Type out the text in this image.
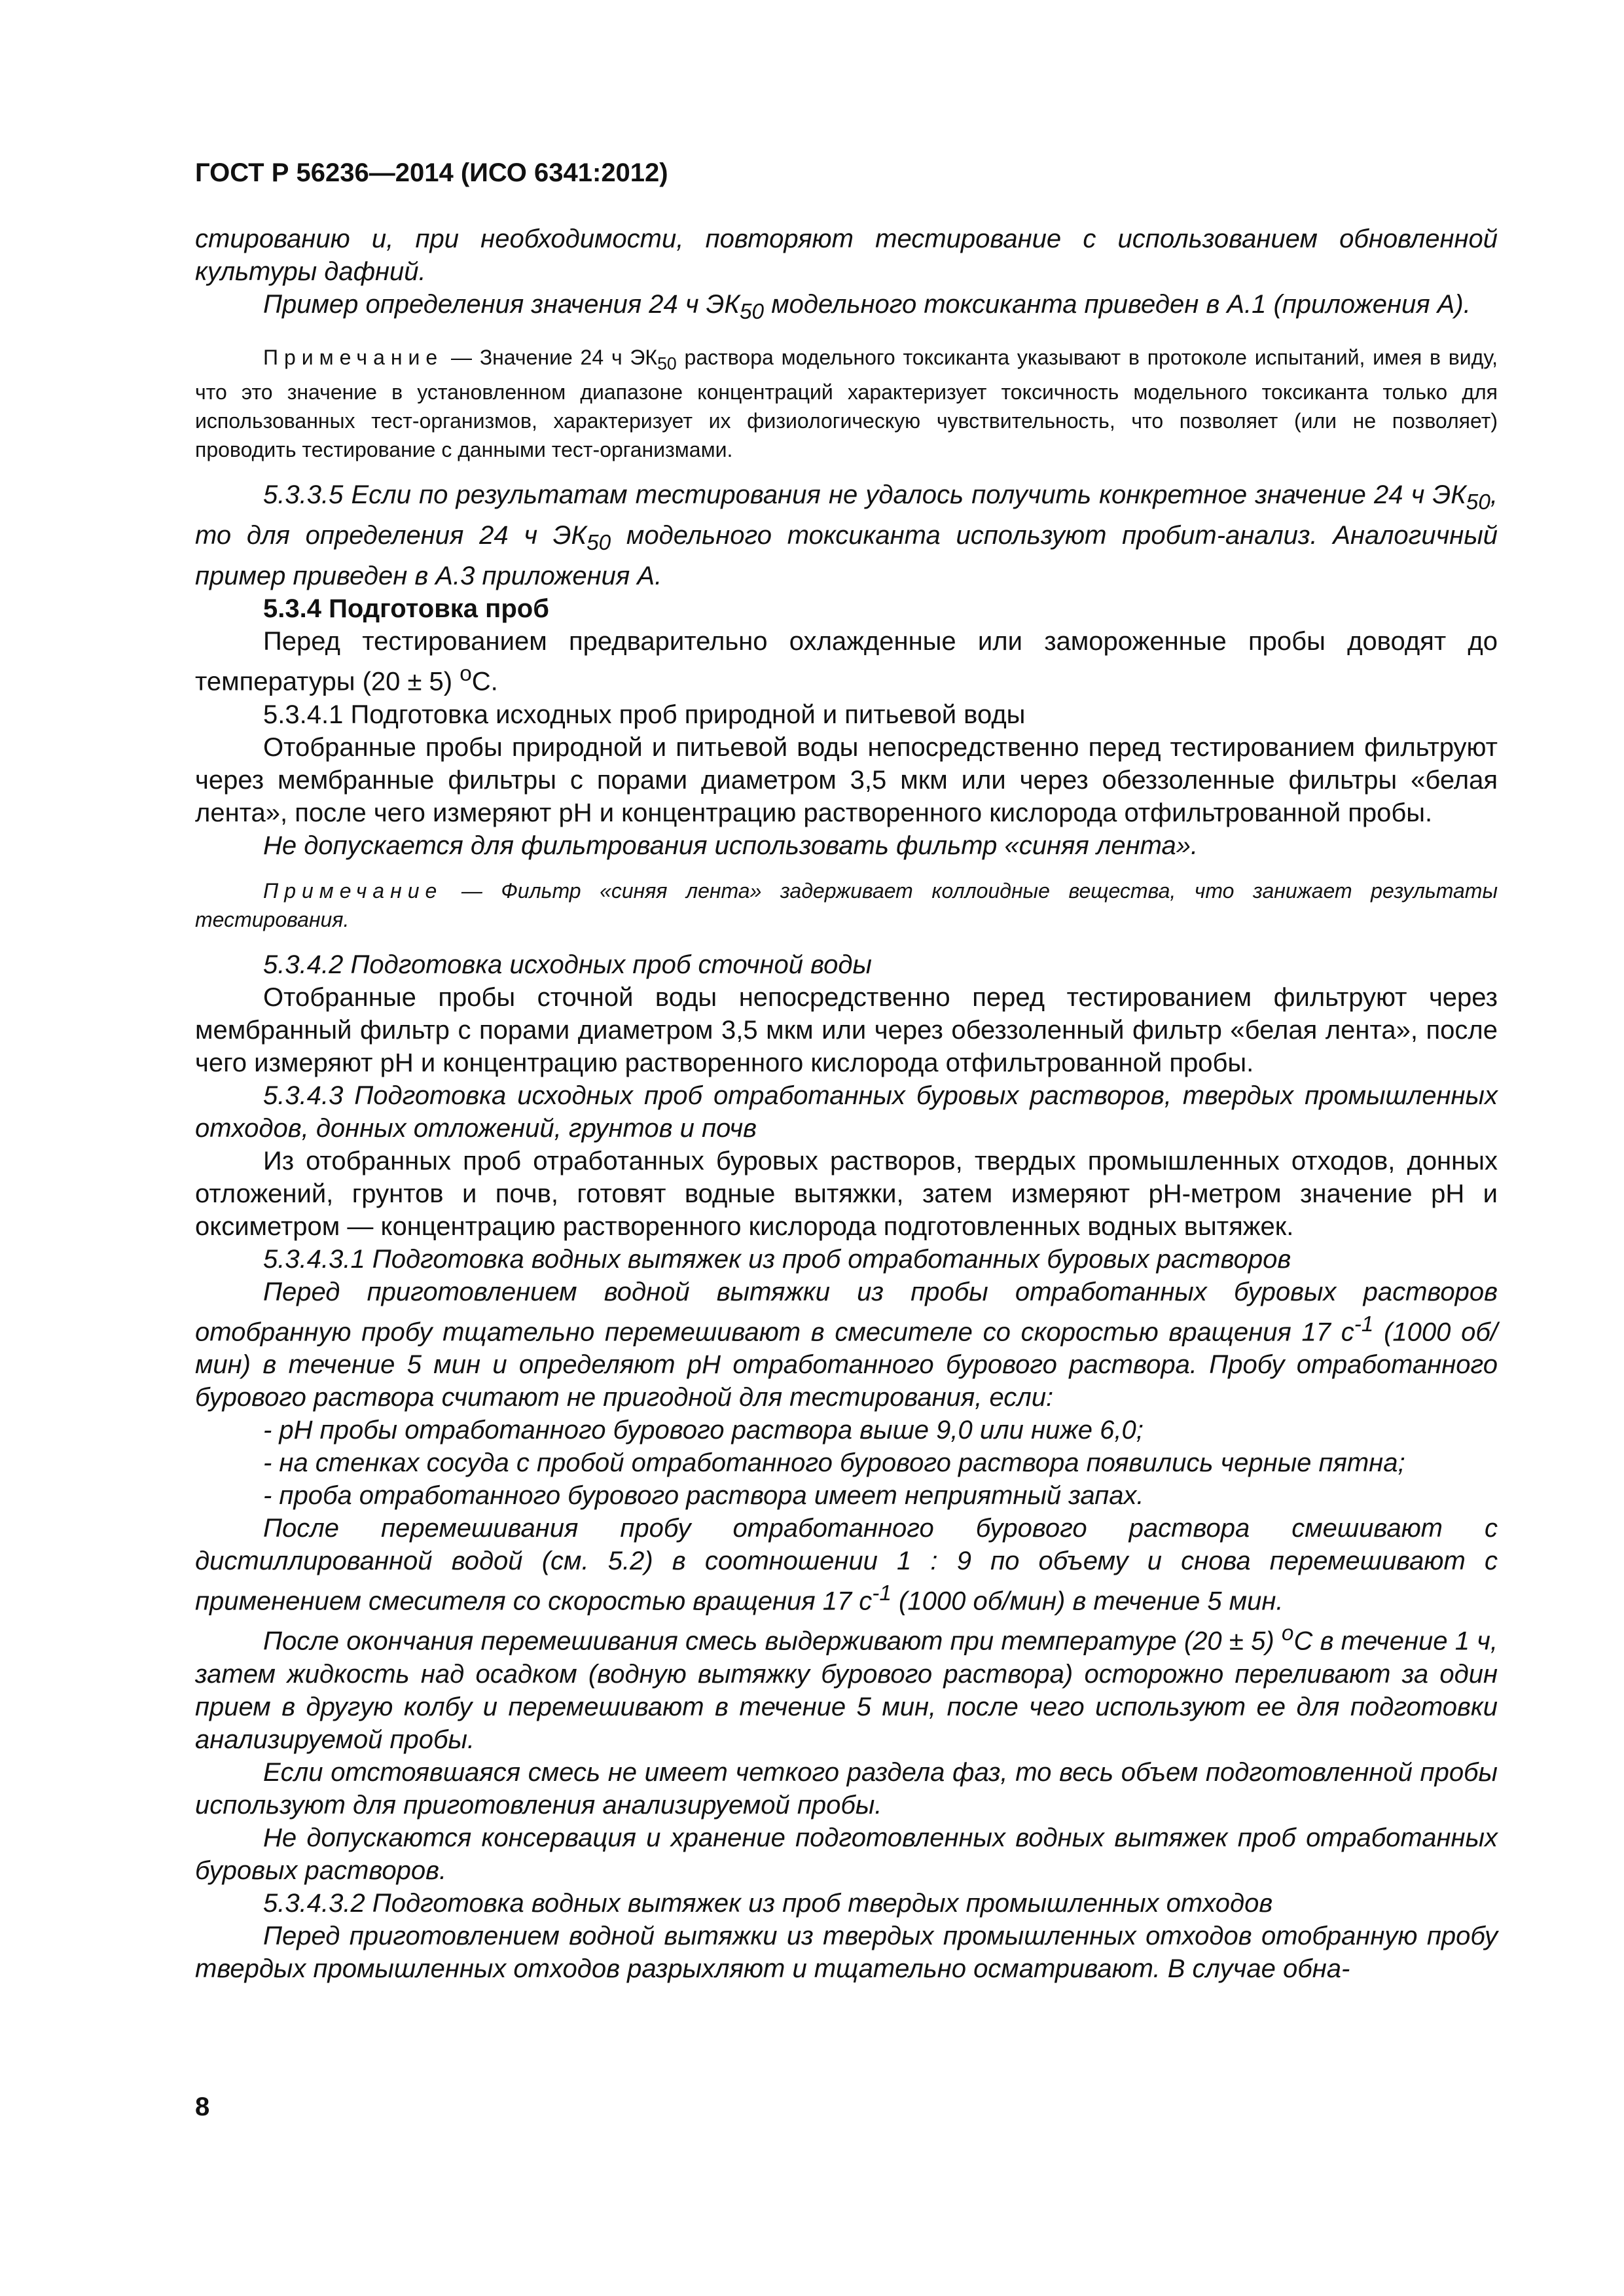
ГОСТ Р 56236—2014 (ИСО 6341:2012)

стированию и, при необходимости, повторяют тестирование с использованием обновленной культуры дафний.

Пример определения значения 24 ч $ЭК_{50}$ модельного токсиканта приведен в А.1 (приложения А).

Примечание — Значение 24 ч $ЭК_{50}$ раствора модельного токсиканта указывают в протоколе испытаний, имея в виду, что это значение в установленном диапазоне концентраций характеризует токсичность модельного токсиканта только для использованных тест-организмов, характеризует их физиологическую чувствительность, что позволяет (или не позволяет) проводить тестирование с данными тест-организмами.

5.3.3.5 Если по результатам тестирования не удалось получить конкретное значение 24 ч $ЭК_{50}$, то для определения 24 ч $ЭК_{50}$ модельного токсиканта используют пробит-анализ. Аналогичный пример приведен в А.3 приложения А.

5.3.4 Подготовка проб

Перед тестированием предварительно охлажденные или замороженные пробы доводят до температуры (20 ± 5) $^о$С.

5.3.4.1 Подготовка исходных проб природной и питьевой воды

Отобранные пробы природной и питьевой воды непосредственно перед тестированием фильтруют через мембранные фильтры с порами диаметром 3,5 мкм или через обеззоленные фильтры «белая лента», после чего измеряют рН и концентрацию растворенного кислорода отфильтрованной пробы.

Не допускается для фильтрования использовать фильтр «синяя лента».

Примечание — Фильтр «синяя лента» задерживает коллоидные вещества, что занижает результаты тестирования.

5.3.4.2 Подготовка исходных проб сточной воды

Отобранные пробы сточной воды непосредственно перед тестированием фильтруют через мембранный фильтр с порами диаметром 3,5 мкм или через обеззоленный фильтр «белая лента», после чего измеряют рН и концентрацию растворенного кислорода отфильтрованной пробы.

5.3.4.3 Подготовка исходных проб отработанных буровых растворов, твердых промышленных отходов, донных отложений, грунтов и почв

Из отобранных проб отработанных буровых растворов, твердых промышленных отходов, донных отложений, грунтов и почв, готовят водные вытяжки, затем измеряют рН-метром значение рН и оксиметром — концентрацию растворенного кислорода подготовленных водных вытяжек.

5.3.4.3.1 Подготовка водных вытяжек из проб отработанных буровых растворов

Перед приготовлением водной вытяжки из пробы отработанных буровых растворов отобранную пробу тщательно перемешивают в смесителе со скоростью вращения 17 $с^{-1}$ (1000 об/мин) в течение 5 мин и определяют рН отработанного бурового раствора. Пробу отработанного бурового раствора считают не пригодной для тестирования, если:

- рН пробы отработанного бурового раствора выше 9,0 или ниже 6,0;

- на стенках сосуда с пробой отработанного бурового раствора появились черные пятна;

- проба отработанного бурового раствора имеет неприятный запах.

После перемешивания пробу отработанного бурового раствора смешивают с дистиллированной водой (см. 5.2) в соотношении 1 : 9 по объему и снова перемешивают с применением смесителя со скоростью вращения 17 $с^{-1}$ (1000 об/мин) в течение 5 мин.

После окончания перемешивания смесь выдерживают при температуре (20 ± 5) $^о$С в течение 1 ч, затем жидкость над осадком (водную вытяжку бурового раствора) осторожно переливают за один прием в другую колбу и перемешивают в течение 5 мин, после чего используют ее для подготовки анализируемой пробы.

Если отстоявшаяся смесь не имеет четкого раздела фаз, то весь объем подготовленной пробы используют для приготовления анализируемой пробы.

Не допускаются консервация и хранение подготовленных водных вытяжек проб отработанных буровых растворов.

5.3.4.3.2 Подготовка водных вытяжек из проб твердых промышленных отходов

Перед приготовлением водной вытяжки из твердых промышленных отходов отобранную пробу твердых промышленных отходов разрыхляют и тщательно осматривают. В случае обна-

8
